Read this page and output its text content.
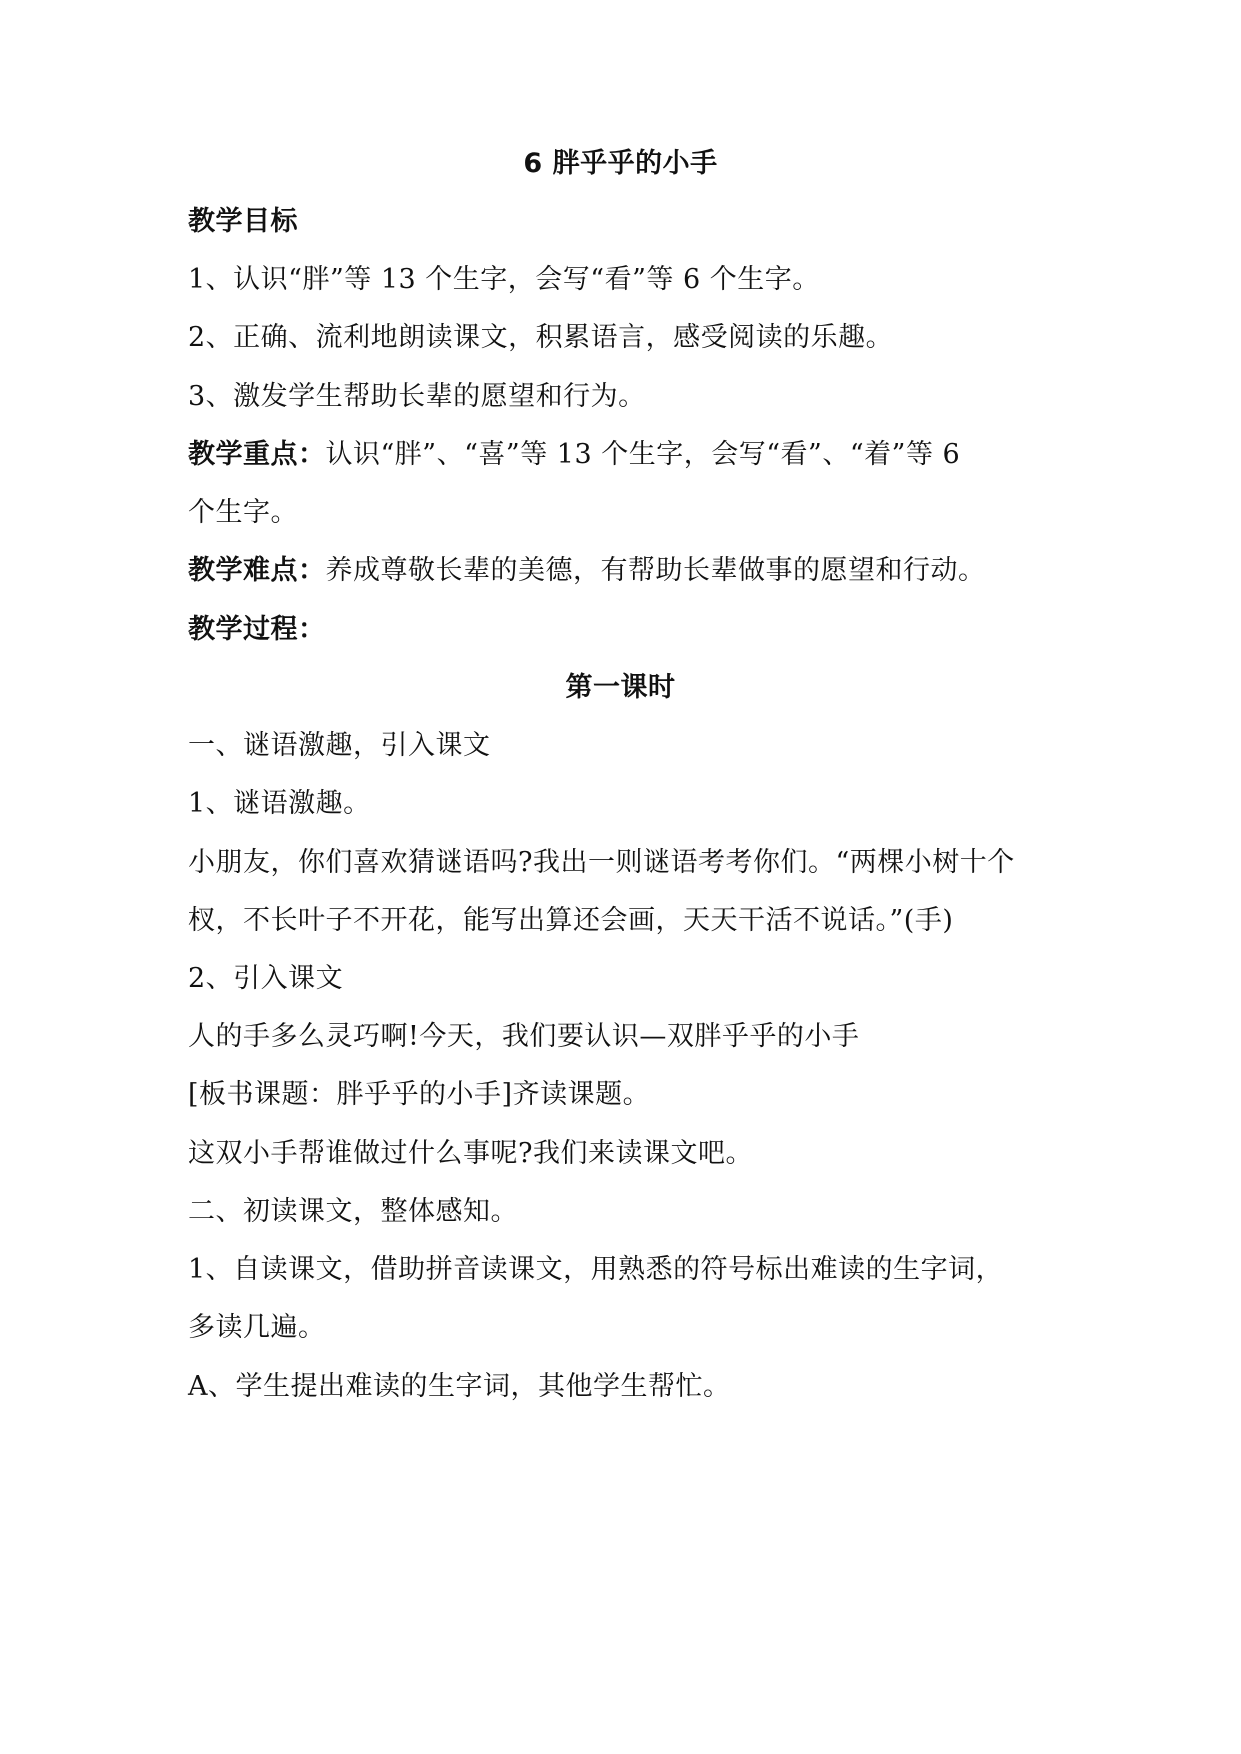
6 胖乎乎的小手
教学目标
1、认识“胖”等 13 个生字，会写“看”等 6 个生字。
2、正确、流利地朗读课文，积累语言，感受阅读的乐趣。
3、激发学生帮助长辈的愿望和行为。
教学重点：认识“胖”、“喜”等 13 个生字，会写“看”、“着”等 6
个生字。
教学难点：养成尊敬长辈的美德，有帮助长辈做事的愿望和行动。
教学过程：
第一课时
一、谜语激趣，引入课文
1、谜语激趣。
小朋友，你们喜欢猜谜语吗?我出一则谜语考考你们。“两棵小树十个
杈，不长叶子不开花，能写出算还会画，天天干活不说话。”(手)
2、引入课文
人的手多么灵巧啊!今天，我们要认识—双胖乎乎的小手
[板书课题：胖乎乎的小手]齐读课题。
这双小手帮谁做过什么事呢?我们来读课文吧。
二、初读课文，整体感知。
1、自读课文，借助拼音读课文，用熟悉的符号标出难读的生字词，
多读几遍。
A、学生提出难读的生字词，其他学生帮忙。
